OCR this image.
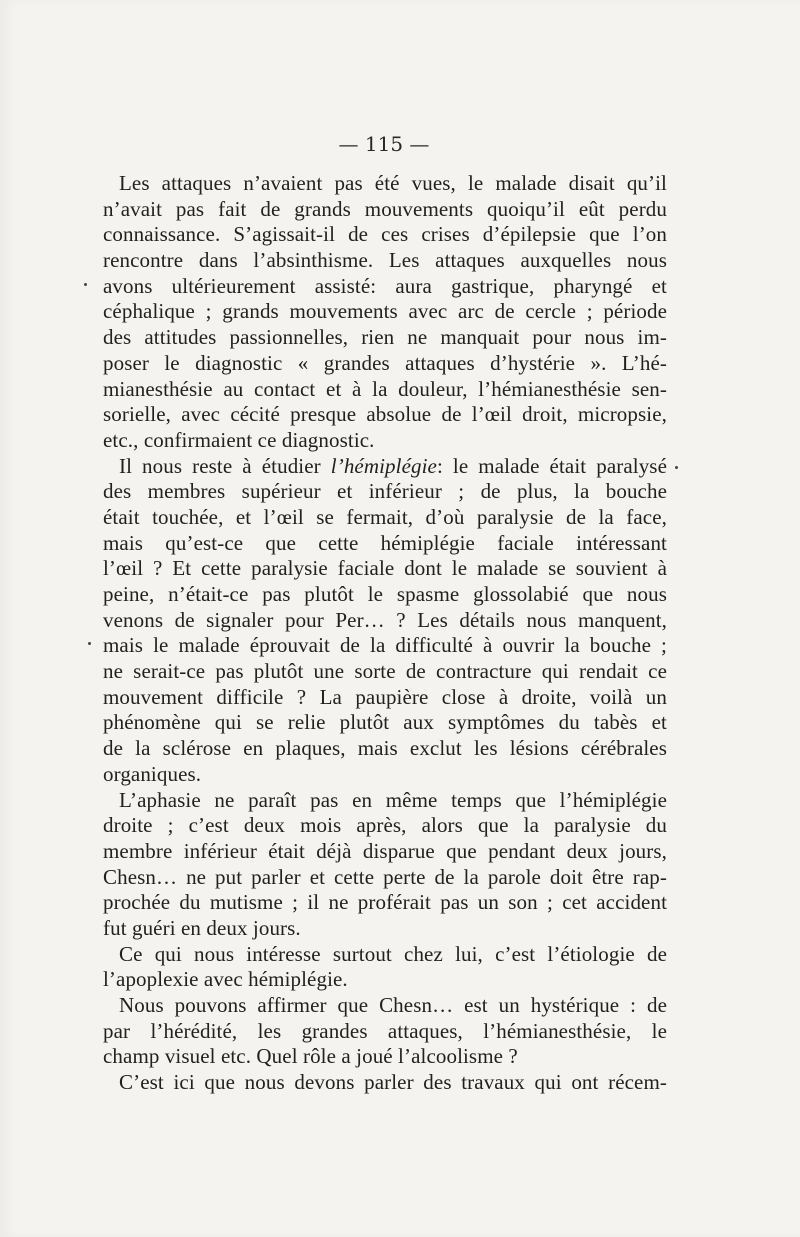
— 115 —
Les attaques n’avaient pas été vues, le malade disait qu’il
n’avait pas fait de grands mouvements quoiqu’il eût perdu
connaissance. S’agissait-il de ces crises d’épilepsie que l’on
rencontre dans l’absinthisme. Les attaques auxquelles nous
avons ultérieurement assisté: aura gastrique, pharyngé et
céphalique ; grands mouvements avec arc de cercle ; période
des attitudes passionnelles, rien ne manquait pour nous im-
poser le diagnostic « grandes attaques d’hystérie ». L’hé-
mianesthésie au contact et à la douleur, l’hémianesthésie sen-
sorielle, avec cécité presque absolue de l’œil droit, micropsie,
etc., confirmaient ce diagnostic.
Il nous reste à étudier l’hémiplégie: le malade était paralysé
des membres supérieur et inférieur ; de plus, la bouche
était touchée, et l’œil se fermait, d’où paralysie de la face,
mais qu’est-ce que cette hémiplégie faciale intéressant
l’œil ? Et cette paralysie faciale dont le malade se souvient à
peine, n’était-ce pas plutôt le spasme glossolabié que nous
venons de signaler pour Per… ? Les détails nous manquent,
mais le malade éprouvait de la difficulté à ouvrir la bouche ;
ne serait-ce pas plutôt une sorte de contracture qui rendait ce
mouvement difficile ? La paupière close à droite, voilà un
phénomène qui se relie plutôt aux symptômes du tabès et
de la sclérose en plaques, mais exclut les lésions cérébrales
organiques.
L’aphasie ne paraît pas en même temps que l’hémiplégie
droite ; c’est deux mois après, alors que la paralysie du
membre inférieur était déjà disparue que pendant deux jours,
Chesn… ne put parler et cette perte de la parole doit être rap-
prochée du mutisme ; il ne proférait pas un son ; cet accident
fut guéri en deux jours.
Ce qui nous intéresse surtout chez lui, c’est l’étiologie de
l’apoplexie avec hémiplégie.
Nous pouvons affirmer que Chesn… est un hystérique : de
par l’hérédité, les grandes attaques, l’hémianesthésie, le
champ visuel etc. Quel rôle a joué l’alcoolisme ?
C’est ici que nous devons parler des travaux qui ont récem-
